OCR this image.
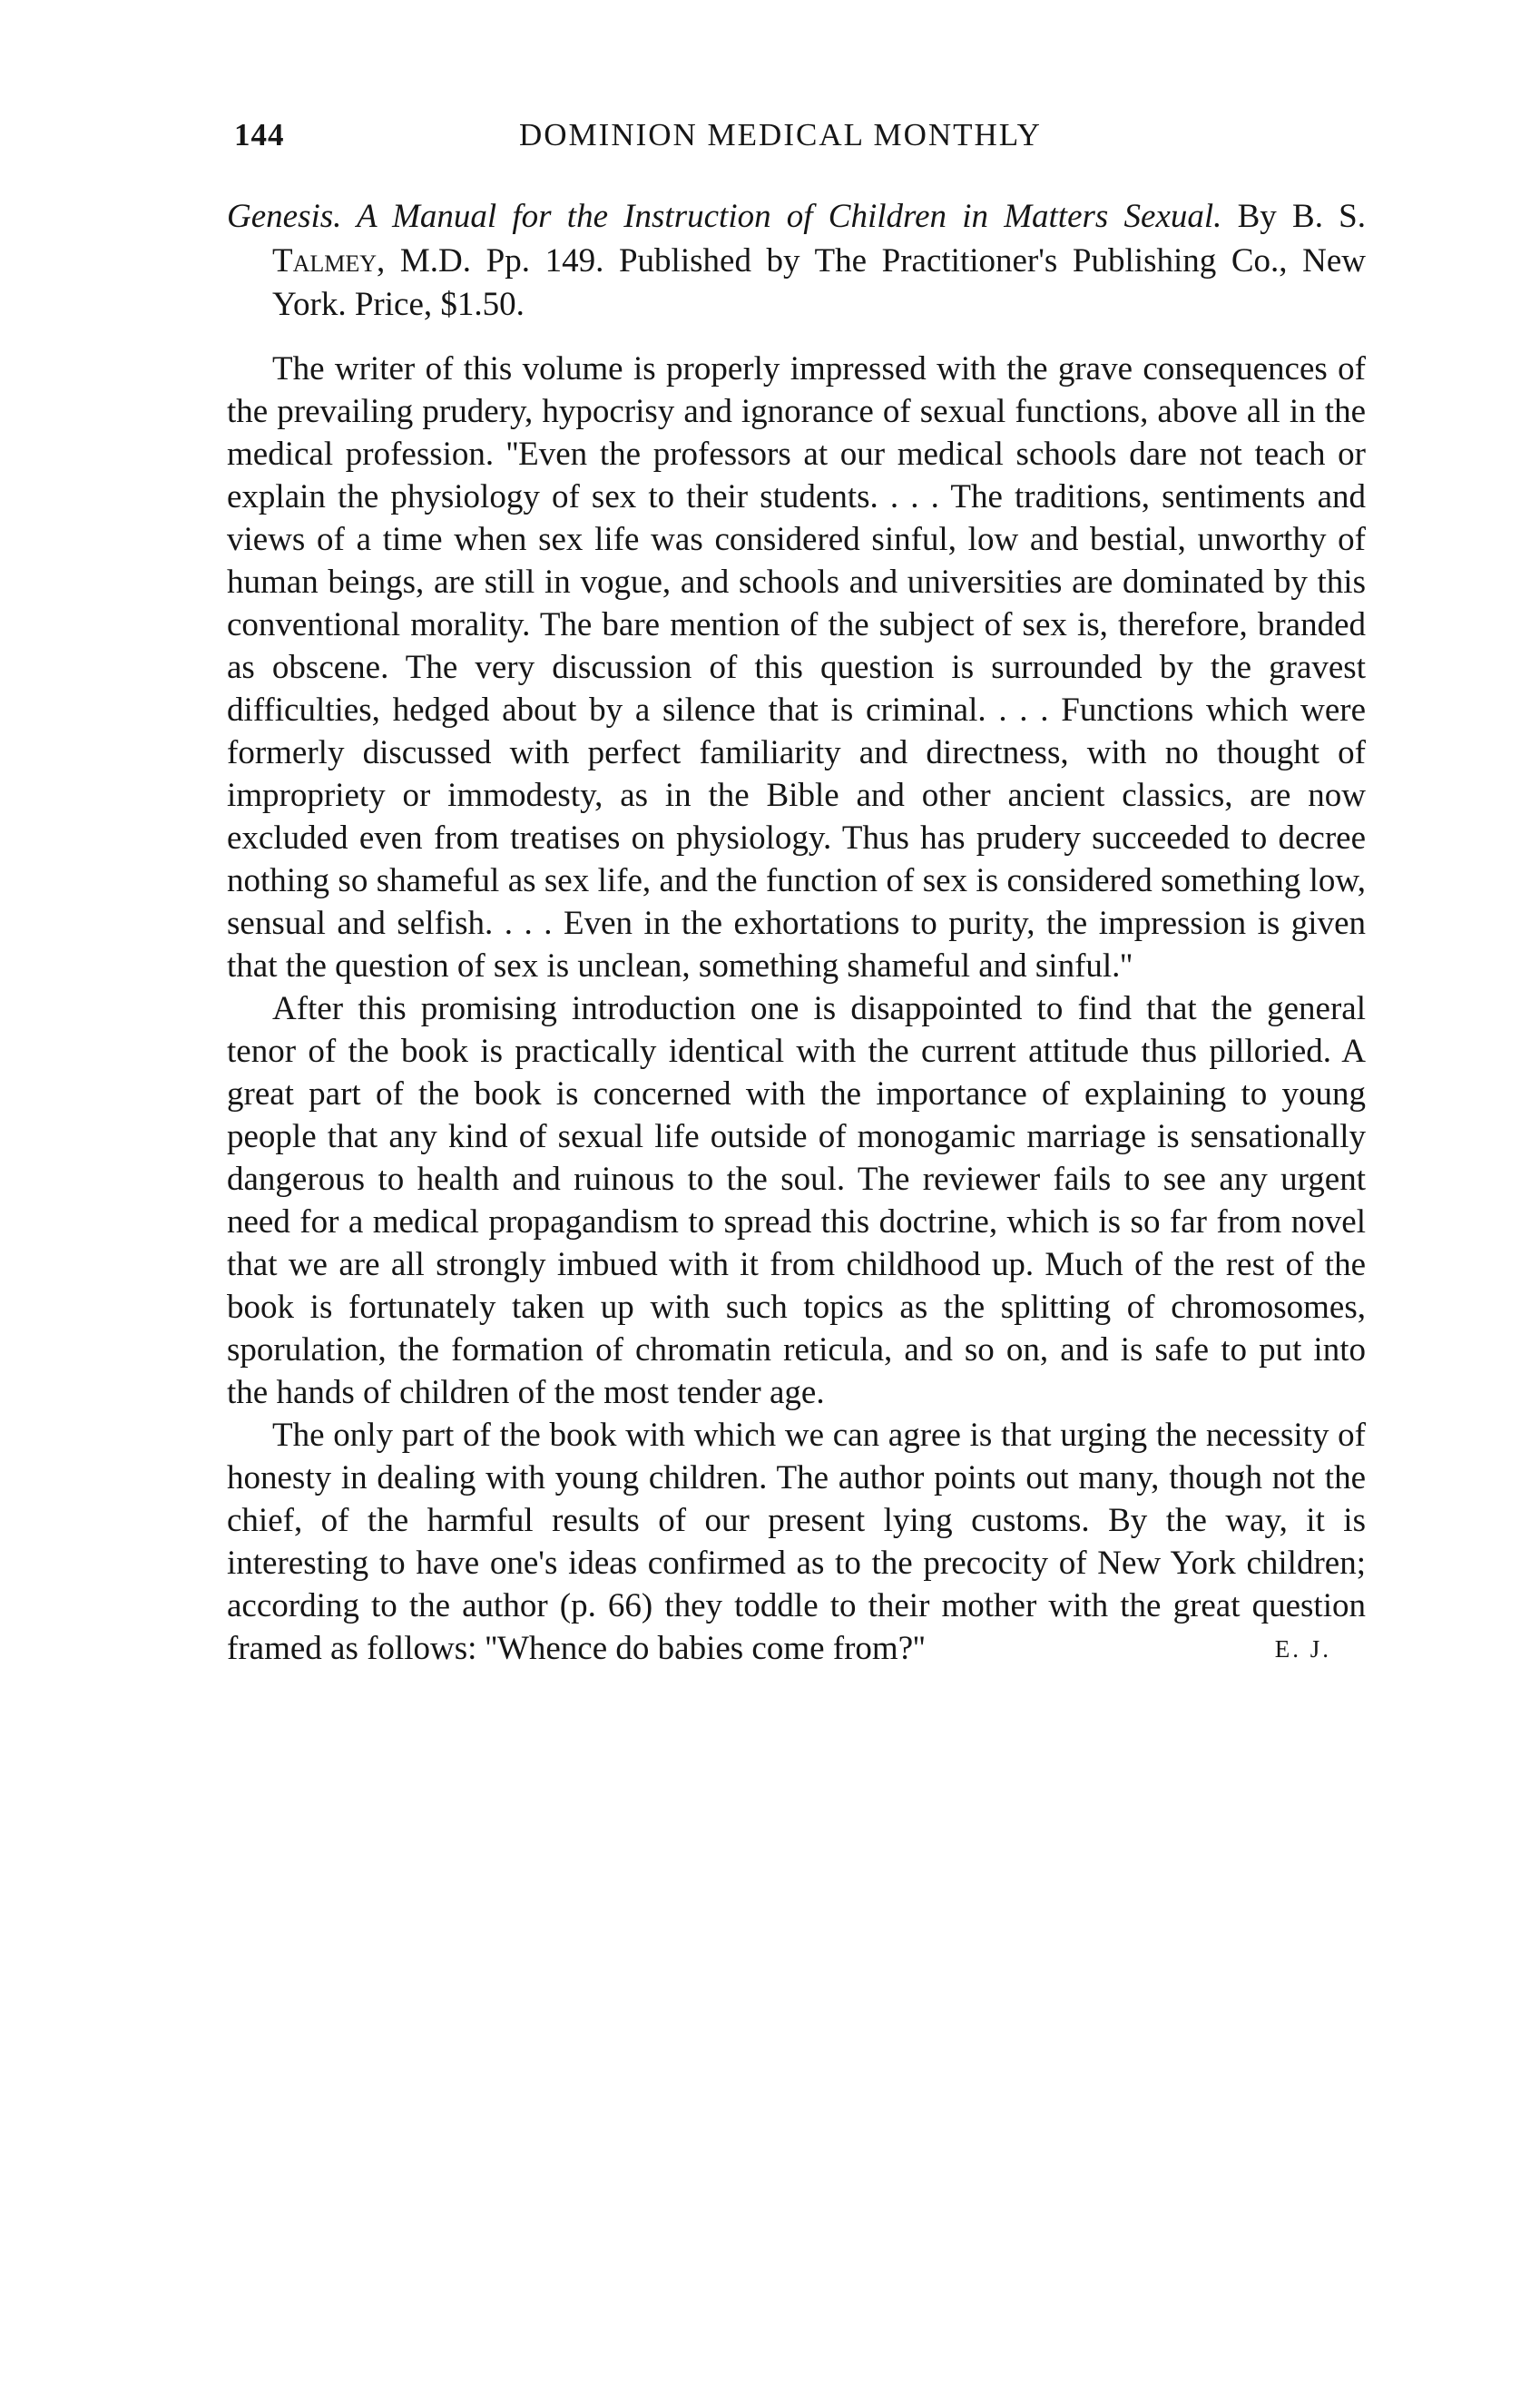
144	DOMINION MEDICAL MONTHLY
Genesis. A Manual for the Instruction of Children in Matters Sexual. By B. S. Talmey, M.D. Pp. 149. Published by The Practitioner's Publishing Co., New York. Price, $1.50.

The writer of this volume is properly impressed with the grave consequences of the prevailing prudery, hypocrisy and ignorance of sexual functions, above all in the medical profession. ''Even the professors at our medical schools dare not teach or explain the physiology of sex to their students. . . . The traditions, sentiments and views of a time when sex life was considered sinful, low and bestial, unworthy of human beings, are still in vogue, and schools and universities are dominated by this conventional morality. The bare mention of the subject of sex is, therefore, branded as obscene. The very discussion of this question is surrounded by the gravest difficulties, hedged about by a silence that is criminal. . . . Functions which were formerly discussed with perfect familiarity and directness, with no thought of impropriety or immodesty, as in the Bible and other ancient classics, are now excluded even from treatises on physiology. Thus has prudery succeeded to decree nothing so shameful as sex life, and the function of sex is considered something low, sensual and selfish. . . . Even in the exhortations to purity, the impression is given that the question of sex is unclean, something shameful and sinful.''

After this promising introduction one is disappointed to find that the general tenor of the book is practically identical with the current attitude thus pilloried. A great part of the book is concerned with the importance of explaining to young people that any kind of sexual life outside of monogamic marriage is sensationally dangerous to health and ruinous to the soul. The reviewer fails to see any urgent need for a medical propagandism to spread this doctrine, which is so far from novel that we are all strongly imbued with it from childhood up. Much of the rest of the book is fortunately taken up with such topics as the splitting of chromosomes, sporulation, the formation of chromatin reticula, and so on, and is safe to put into the hands of children of the most tender age.

The only part of the book with which we can agree is that urging the necessity of honesty in dealing with young children. The author points out many, though not the chief, of the harmful results of our present lying customs. By the way, it is interesting to have one's ideas confirmed as to the precocity of New York children; according to the author (p. 66) they toddle to their mother with the great question framed as follows: ''Whence do babies come from?''	E. J.
